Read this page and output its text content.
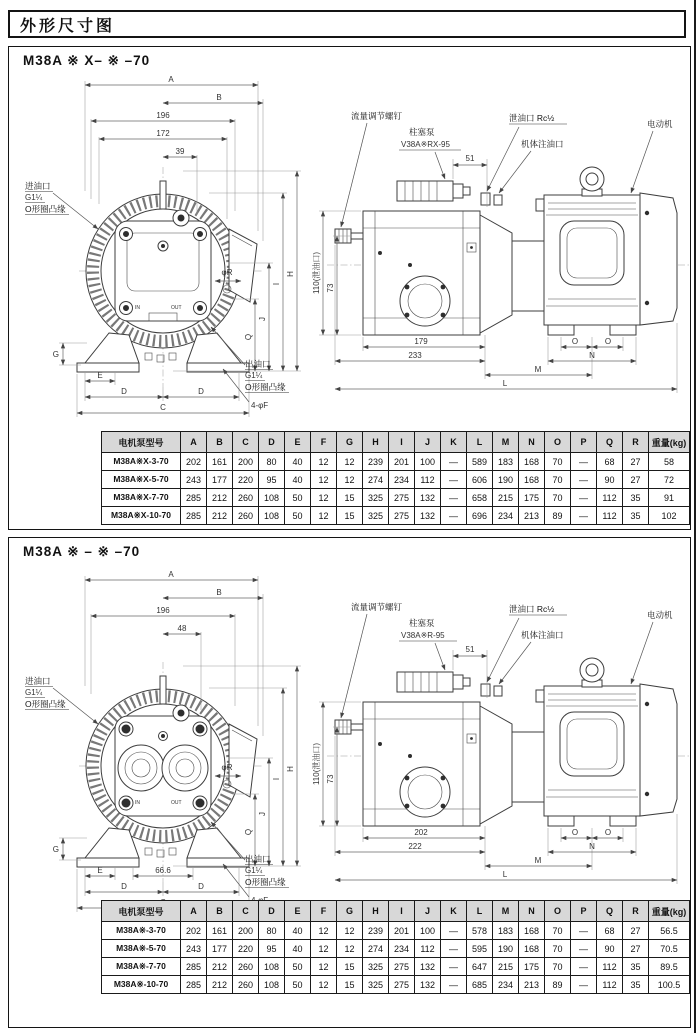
外形尺寸图
M38A ※ X– ※ –70
IN	OUT
A
B
196
172
39
H
I
J
Q
φR
G
E
D	D
C
进油口
G1¼
O形圈凸缘
出油口
G1¼
O形圈凸缘
4-φF
流量调节螺钉
柱塞泵
V38A※RX-95
51
泄油口 Rc½
机体注油口
电动机
110(泄油口) 73
179	O	O
233	N
M
L
电机泵型号	A	B	C	D	E	F	G	H	I	J	K	L	M	N	O	P	Q	R	重量(kg)
M38A※X-3-70	202	161	200	80	40	12	12	239	201	100	—	589	183	168	70	—	68	27	58
M38A※X-5-70	243	177	220	95	40	12	12	274	234	112	—	606	190	168	70	—	90	27	72
M38A※X-7-70	285	212	260	108	50	12	15	325	275	132	—	658	215	175	70	—	112	35	91
M38A※X-10-70	285	212	260	108	50	12	15	325	275	132	—	696	234	213	89	—	112	35	102
M38A ※ – ※ –70
IN	OUT
A
B
196
48
H
I
J
Q
φR
G
E	66.6
D	D
进油口
G1¼
O形圈凸缘
出油口
G1¼
O形圈凸缘
流量调节螺钉
柱塞泵
V38A※R-95
51
泄油口 Rc½
机体注油口
电动机
110(泄油口) 73
202	O	O
222	N
M
L
电机泵型号	A	B	C	D	E	F	G	H	I	J	K	L	M	N	O	P	Q	R	重量(kg)
M38A※-3-70	202	161	200	80	40	12	12	239	201	100	—	578	183	168	70	—	68	27	56.5
M38A※-5-70	243	177	220	95	40	12	12	274	234	112	—	595	190	168	70	—	90	27	70.5
M38A※-7-70	285	212	260	108	50	12	15	325	275	132	—	647	215	175	70	—	112	35	89.5
M38A※-10-70	285	212	260	108	50	12	15	325	275	132	—	685	234	213	89	—	112	35	100.5
